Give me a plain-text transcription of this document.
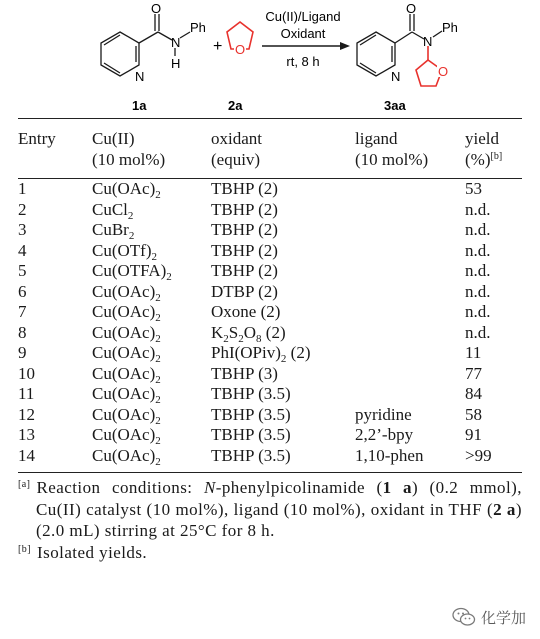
O
N
Ph
H
N
1a
+ O
2a
Cu(II)/Ligand
Oxidant
rt, 8 h
O
O
N
Ph
N
3aa
Entry	Cu(II)	oxidant	ligand	yield
	(10 mol%)	(equiv)	(10 mol%)	(%)[b]

1	$Cu(OAc)_2$	TBHP (2)		53
2	CuCl$_2$	TBHP (2)		n.d.
3	CuBr$_2$	TBHP (2)		n.d.
4	$Cu(OTf)_2$	TBHP (2)		n.d.
5	$Cu(OTFA)_2$	TBHP (2)		n.d.
6	$Cu(OAc)_2$	DTBP (2)		n.d.
7	$Cu(OAc)_2$	Oxone (2)		n.d.
8	$Cu(OAc)_2$	$K_2S_2O_8$ (2)		n.d.
9	$Cu(OAc)_2$	$PhI(OPiv)_2$ (2)		11
10	$Cu(OAc)_2$	TBHP (3)		77
11	$Cu(OAc)_2$	TBHP (3.5)		84
12	$Cu(OAc)_2$	TBHP (3.5)	pyridine	58
13	$Cu(OAc)_2$	TBHP (3.5)	2,2’-bpy	91
14	$Cu(OAc)_2$	TBHP (3.5)	1,10-phen	>99
[a] Reaction conditions: N-phenylpicolinamide (1 a) (0.2 mmol), Cu(II) catalyst (10 mol%), ligand (10 mol%), oxidant in THF (2 a) (2.0 mL) stirring at 25°C for 8 h.
[b] Isolated yields.
化学加
